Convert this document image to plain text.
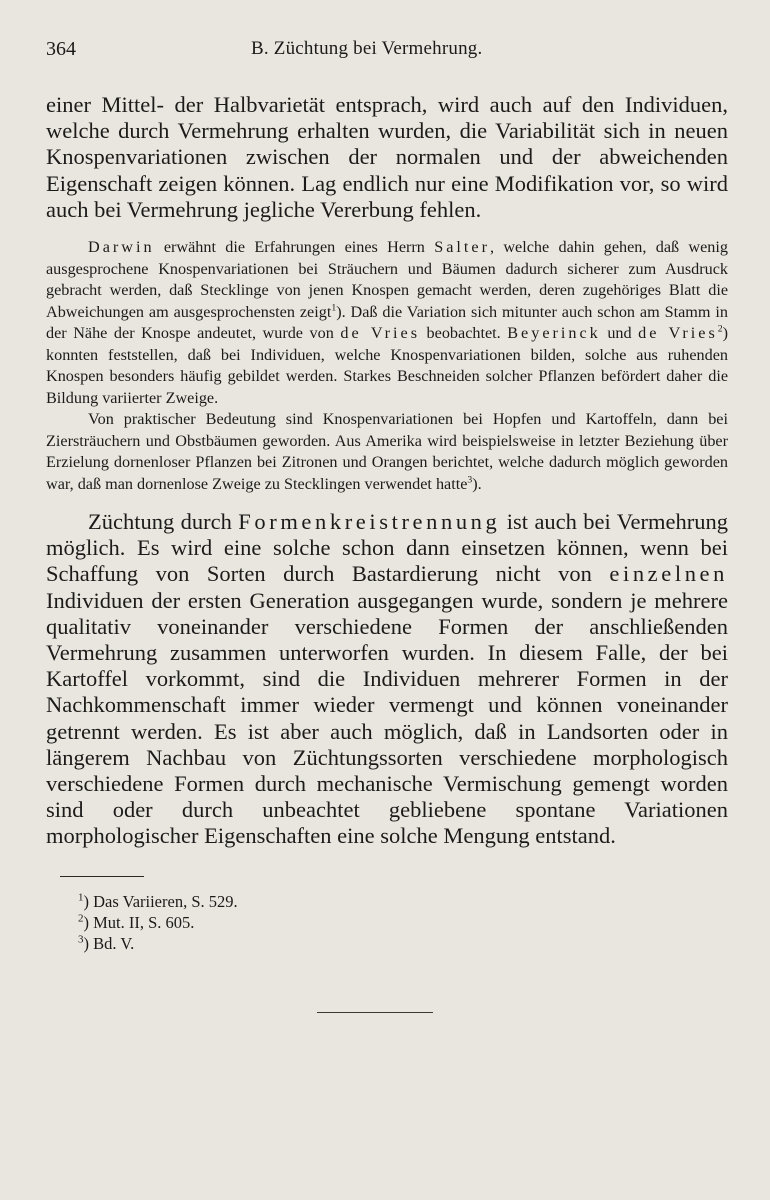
364	B. Züchtung bei Vermehrung.

einer Mittel- der Halbvarietät entsprach, wird auch auf den Individuen, welche durch Vermehrung erhalten wurden, die Variabilität sich in neuen Knospenvariationen zwischen der normalen und der abweichenden Eigenschaft zeigen können. Lag endlich nur eine Modifikation vor, so wird auch bei Vermehrung jegliche Vererbung fehlen.

Darwin erwähnt die Erfahrungen eines Herrn Salter, welche dahin gehen, daß wenig ausgesprochene Knospenvariationen bei Sträuchern und Bäumen dadurch sicherer zum Ausdruck gebracht werden, daß Stecklinge von jenen Knospen gemacht werden, deren zugehöriges Blatt die Abweichungen am ausgesprochensten zeigt$^1$). Daß die Variation sich mitunter auch schon am Stamm in der Nähe der Knospe andeutet, wurde von de Vries beobachtet. Beyerinck und de Vries$^2$) konnten feststellen, daß bei Individuen, welche Knospenvariationen bilden, solche aus ruhenden Knospen besonders häufig gebildet werden. Starkes Beschneiden solcher Pflanzen befördert daher die Bildung variierter Zweige.

Von praktischer Bedeutung sind Knospenvariationen bei Hopfen und Kartoffeln, dann bei Ziersträuchern und Obstbäumen geworden. Aus Amerika wird beispielsweise in letzter Beziehung über Erzielung dornenloser Pflanzen bei Zitronen und Orangen berichtet, welche dadurch möglich geworden war, daß man dornenlose Zweige zu Stecklingen verwendet hatte$^3$).

Züchtung durch Formenkreistrennung ist auch bei Vermehrung möglich. Es wird eine solche schon dann einsetzen können, wenn bei Schaffung von Sorten durch Bastardierung nicht von einzelnen Individuen der ersten Generation ausgegangen wurde, sondern je mehrere qualitativ voneinander verschiedene Formen der anschließenden Vermehrung zusammen unterworfen wurden. In diesem Falle, der bei Kartoffel vorkommt, sind die Individuen mehrerer Formen in der Nachkommenschaft immer wieder vermengt und können voneinander getrennt werden. Es ist aber auch möglich, daß in Landsorten oder in längerem Nachbau von Züchtungssorten verschiedene morphologisch verschiedene Formen durch mechanische Vermischung gemengt worden sind oder durch unbeachtet gebliebene spontane Variationen morphologischer Eigenschaften eine solche Mengung entstand.

$^1$) Das Variieren, S. 529.
$^2$) Mut. II, S. 605.
$^3$) Bd. V.
